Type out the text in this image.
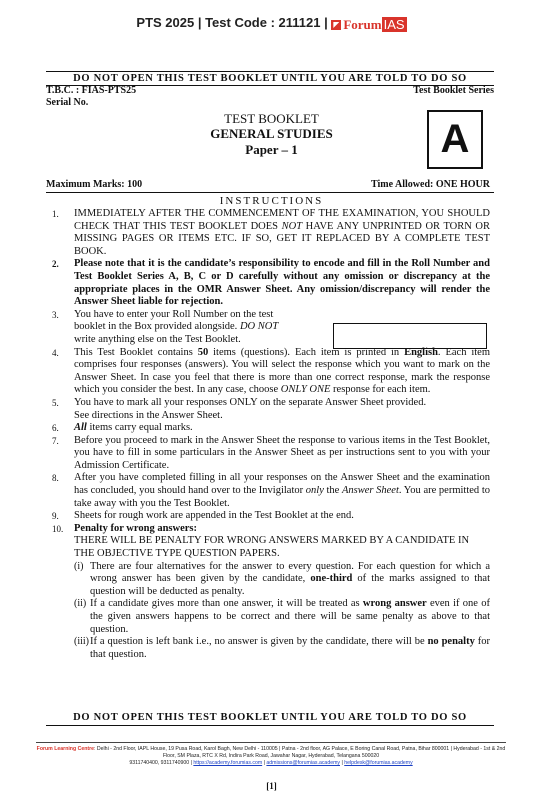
PTS 2025 | Test Code : 211121 | Forum IAS
DO NOT OPEN THIS TEST BOOKLET UNTIL YOU ARE TOLD TO DO SO
T.B.C. : FIAS-PTS25	Test Booklet Series
Serial No.
TEST BOOKLET
GENERAL STUDIES
Paper – 1	A
Maximum Marks: 100	Time Allowed: ONE HOUR
INSTRUCTIONS
1. IMMEDIATELY AFTER THE COMMENCEMENT OF THE EXAMINATION, YOU SHOULD CHECK THAT THIS TEST BOOKLET DOES NOT HAVE ANY UNPRINTED OR TORN OR MISSING PAGES OR ITEMS ETC. IF SO, GET IT REPLACED BY A COMPLETE TEST BOOK.
2. Please note that it is the candidate’s responsibility to encode and fill in the Roll Number and Test Booklet Series A, B, C or D carefully without any omission or discrepancy at the appropriate places in the OMR Answer Sheet. Any omission/discrepancy will render the Answer Sheet liable for rejection.
3. You have to enter your Roll Number on the test
booklet in the Box provided alongside. DO NOT
write anything else on the Test Booklet.
4. This Test Booklet contains 50 items (questions). Each item is printed in English. Each item comprises four responses (answers). You will select the response which you want to mark on the Answer Sheet. In case you feel that there is more than one correct response, mark the response which you consider the best. In any case, choose ONLY ONE response for each item.
5. You have to mark all your responses ONLY on the separate Answer Sheet provided.
See directions in the Answer Sheet.
6. All items carry equal marks.
7. Before you proceed to mark in the Answer Sheet the response to various items in the Test Booklet, you have to fill in some particulars in the Answer Sheet as per instructions sent to you with your Admission Certificate.
8. After you have completed filling in all your responses on the Answer Sheet and the examination has concluded, you should hand over to the Invigilator only the Answer Sheet. You are permitted to take away with you the Test Booklet.
9. Sheets for rough work are appended in the Test Booklet at the end.
10. Penalty for wrong answers:
THERE WILL BE PENALTY FOR WRONG ANSWERS MARKED BY A CANDIDATE IN THE OBJECTIVE TYPE QUESTION PAPERS.
(i) There are four alternatives for the answer to every question. For each question for which a wrong answer has been given by the candidate, one-third of the marks assigned to that question will be deducted as penalty.
(ii) If a candidate gives more than one answer, it will be treated as wrong answer even if one of the given answers happens to be correct and there will be same penalty as above to that question.
(iii) If a question is left bank i.e., no answer is given by the candidate, there will be no penalty for that question.
DO NOT OPEN THIS TEST BOOKLET UNTIL YOU ARE TOLD TO DO SO
Forum Learning Centre: Delhi - 2nd Floor, IAPL House, 19 Pusa Road, Karol Bagh, New Delhi - 110005 | Patna - 2nd floor, AG Palace, E Boring Canal Road, Patna, Bihar 800001 | Hyderabad - 1st & 2nd Floor, SM Plaza, RTC X Rd, Indira Park Road, Jawahar Nagar, Hyderabad, Telangana 500020
9311740400, 9311740900 | https://academy.forumias.com | admissions@forumias.academy | helpdesk@forumias.academy
[1]
